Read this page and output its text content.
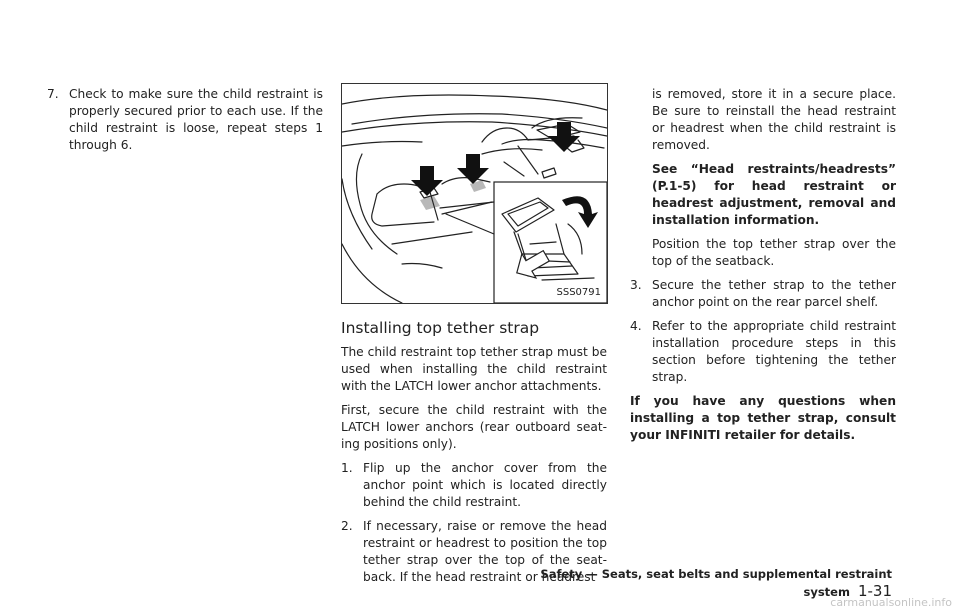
7. Check to make sure the child restraint is properly secured prior to each use. If the child restraint is loose, repeat steps 1 through 6.
SSS0791
Installing top tether strap

The child restraint top tether strap must be used when installing the child restraint with the LATCH lower anchor attachments.

First, secure the child restraint with the LATCH lower anchors (rear outboard seat-ing positions only).

1. Flip up the anchor cover from the anchor point which is located directly behind the child restraint.
2. If necessary, raise or remove the head restraint or headrest to position the top tether strap over the top of the seat-back. If the head restraint or headrest

is removed, store it in a secure place. Be sure to reinstall the head restraint or headrest when the child restraint is removed.

See “Head restraints/headrests” (P.1-5) for head restraint or headrest adjustment, removal and installation information.

Position the top tether strap over the top of the seatback.

3. Secure the tether strap to the tether anchor point on the rear parcel shelf.
4. Refer to the appropriate child restraint installation procedure steps in this section before tightening the tether strap.

If you have any questions when installing a top tether strap, consult your INFINITI retailer for details.

Safety — Seats, seat belts and supplemental restraint system 1-31
carmanualsonline.info
